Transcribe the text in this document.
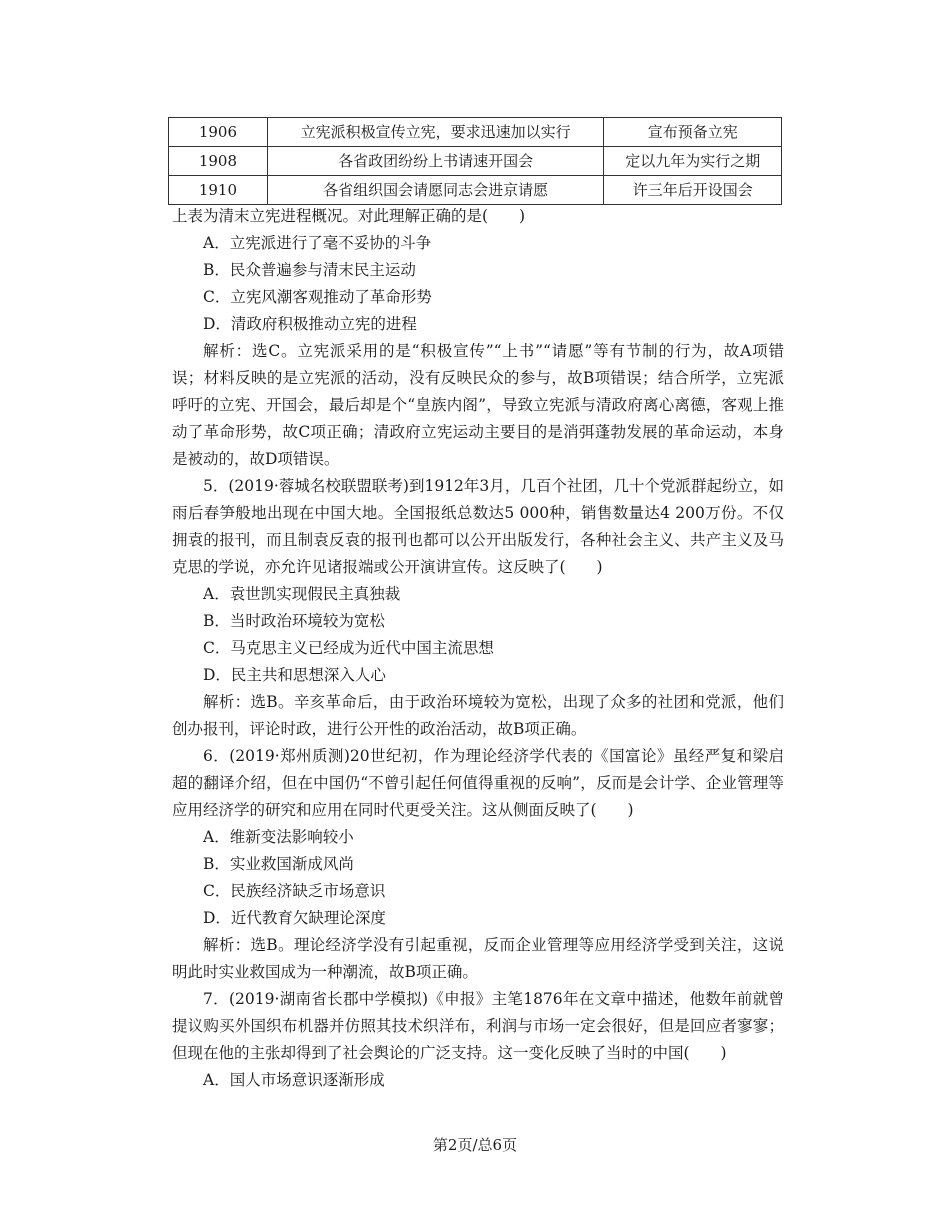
1906	立宪派积极宣传立宪，要求迅速加以实行	宣布预备立宪
1908	各省政团纷纷上书请速开国会	定以九年为实行之期
1910	各省组织国会请愿同志会进京请愿	许三年后开设国会

上表为清末立宪进程概况。对此理解正确的是(　　)

A．立宪派进行了毫不妥协的斗争

B．民众普遍参与清末民主运动

C．立宪风潮客观推动了革命形势

D．清政府积极推动立宪的进程

解析：选C。立宪派采用的是“积极宣传”“上书”“请愿”等有节制的行为，故A项错误；材料反映的是立宪派的活动，没有反映民众的参与，故B项错误；结合所学，立宪派呼吁的立宪、开国会，最后却是个“皇族内阁”，导致立宪派与清政府离心离德，客观上推动了革命形势，故C项正确；清政府立宪运动主要目的是消弭蓬勃发展的革命运动，本身是被动的，故D项错误。

5．(2019·蓉城名校联盟联考)到1912年3月，几百个社团，几十个党派群起纷立，如雨后春笋般地出现在中国大地。全国报纸总数达5 000种，销售数量达4 200万份。不仅拥袁的报刊，而且制袁反袁的报刊也都可以公开出版发行，各种社会主义、共产主义及马克思的学说，亦允许见诸报端或公开演讲宣传。这反映了(　　)

A．袁世凯实现假民主真独裁

B．当时政治环境较为宽松

C．马克思主义已经成为近代中国主流思想

D．民主共和思想深入人心

解析：选B。辛亥革命后，由于政治环境较为宽松，出现了众多的社团和党派，他们创办报刊，评论时政，进行公开性的政治活动，故B项正确。

6．(2019·郑州质测)20世纪初，作为理论经济学代表的《国富论》虽经严复和梁启超的翻译介绍，但在中国仍“不曾引起任何值得重视的反响”，反而是会计学、企业管理等应用经济学的研究和应用在同时代更受关注。这从侧面反映了(　　)

A．维新变法影响较小

B．实业救国渐成风尚

C．民族经济缺乏市场意识

D．近代教育欠缺理论深度

解析：选B。理论经济学没有引起重视，反而企业管理等应用经济学受到关注，这说明此时实业救国成为一种潮流，故B项正确。

7．(2019·湖南省长郡中学模拟)《申报》主笔1876年在文章中描述，他数年前就曾提议购买外国织布机器并仿照其技术织洋布，利润与市场一定会很好，但是回应者寥寥；但现在他的主张却得到了社会舆论的广泛支持。这一变化反映了当时的中国(　　)

A．国人市场意识逐渐形成

第2页/总6页
